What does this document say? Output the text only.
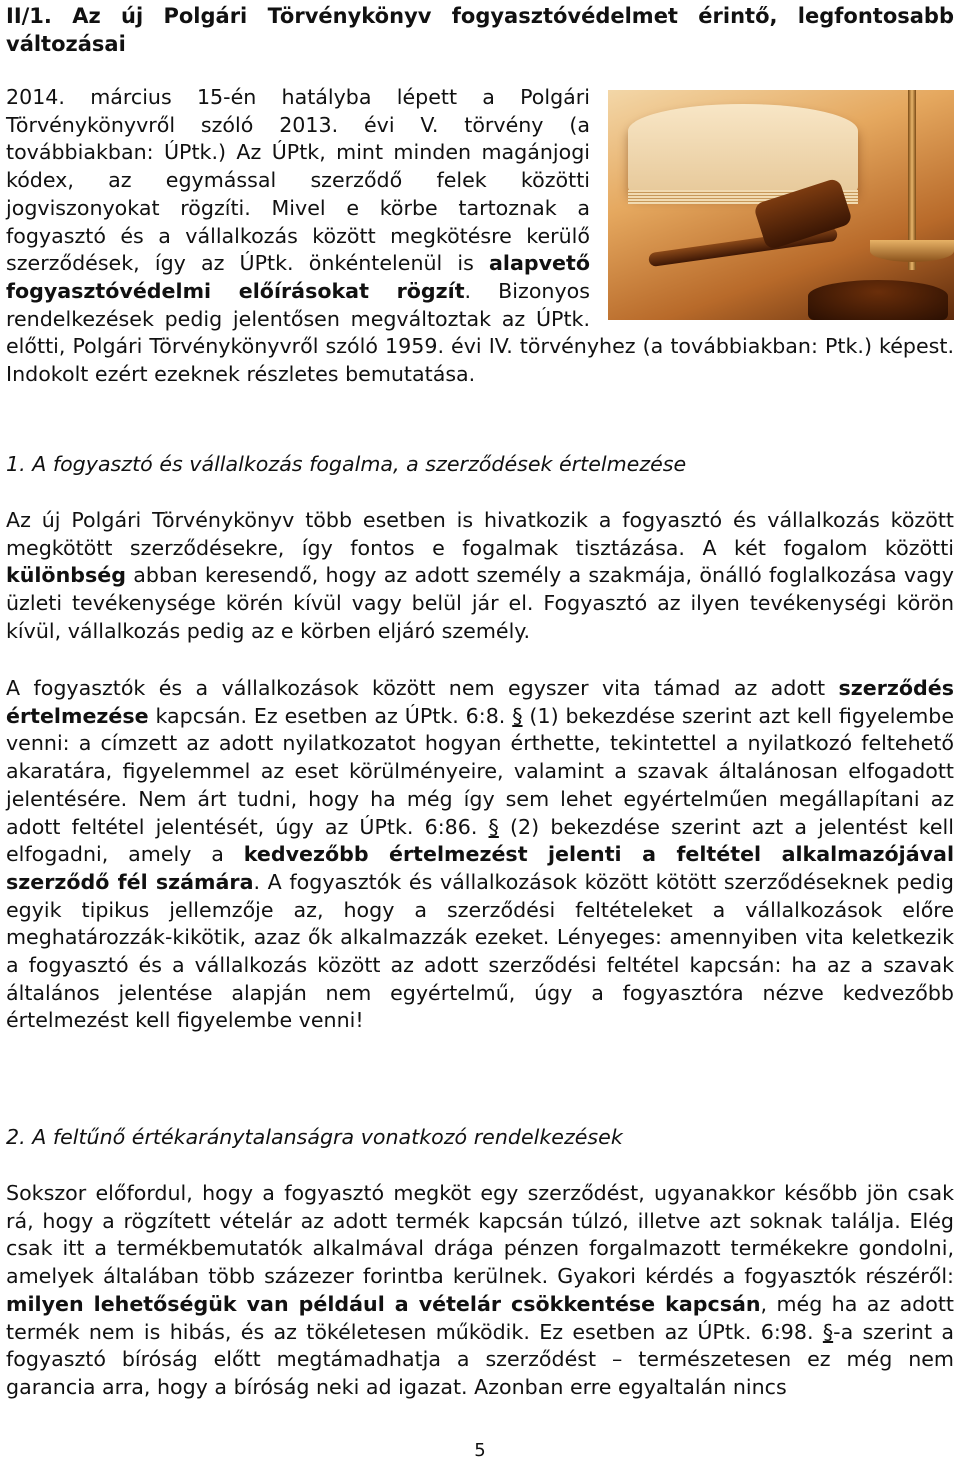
II/1. Az új Polgári Törvénykönyv fogyasztóvédelmet érintő, legfontosabb változásai

2014. március 15-én hatályba lépett a Polgári Törvénykönyvről szóló 2013. évi V. törvény (a továbbiakban: ÚPtk.) Az ÚPtk, mint minden magánjogi kódex, az egymással szerződő felek közötti jogviszonyokat rögzíti. Mivel e körbe tartoznak a fogyasztó és a vállalkozás között megkötésre kerülő szerződések, így az ÚPtk. önkéntelenül is alapvető fogyasztóvédelmi előírásokat rögzít. Bizonyos rendelkezések pedig jelentősen megváltoztak az ÚPtk. előtti, Polgári Törvénykönyvről szóló 1959. évi IV. törvényhez (a továbbiakban: Ptk.) képest. Indokolt ezért ezeknek részletes bemutatása.

1. A fogyasztó és vállalkozás fogalma, a szerződések értelmezése

Az új Polgári Törvénykönyv több esetben is hivatkozik a fogyasztó és vállalkozás között megkötött szerződésekre, így fontos e fogalmak tisztázása. A két fogalom közötti különbség abban keresendő, hogy az adott személy a szakmája, önálló foglalkozása vagy üzleti tevékenysége körén kívül vagy belül jár el. Fogyasztó az ilyen tevékenységi körön kívül, vállalkozás pedig az e körben eljáró személy.

A fogyasztók és a vállalkozások között nem egyszer vita támad az adott szerződés értelmezése kapcsán. Ez esetben az ÚPtk. 6:8. § (1) bekezdése szerint azt kell figyelembe venni: a címzett az adott nyilatkozatot hogyan érthette, tekintettel a nyilatkozó feltehető akaratára, figyelemmel az eset körülményeire, valamint a szavak általánosan elfogadott jelentésére. Nem árt tudni, hogy ha még így sem lehet egyértelműen megállapítani az adott feltétel jelentését, úgy az ÚPtk. 6:86. § (2) bekezdése szerint azt a jelentést kell elfogadni, amely a kedvezőbb értelmezést jelenti a feltétel alkalmazójával szerződő fél számára. A fogyasztók és vállalkozások között kötött szerződéseknek pedig egyik tipikus jellemzője az, hogy a szerződési feltételeket a vállalkozások előre meghatározzák-kikötik, azaz ők alkalmazzák ezeket. Lényeges: amennyiben vita keletkezik a fogyasztó és a vállalkozás között az adott szerződési feltétel kapcsán: ha az a szavak általános jelentése alapján nem egyértelmű, úgy a fogyasztóra nézve kedvezőbb értelmezést kell figyelembe venni!

2. A feltűnő értékaránytalanságra vonatkozó rendelkezések

Sokszor előfordul, hogy a fogyasztó megköt egy szerződést, ugyanakkor később jön csak rá, hogy a rögzített vételár az adott termék kapcsán túlzó, illetve azt soknak találja. Elég csak itt a termékbemutatók alkalmával drága pénzen forgalmazott termékekre gondolni, amelyek általában több százezer forintba kerülnek. Gyakori kérdés a fogyasztók részéről: milyen lehetőségük van például a vételár csökkentése kapcsán, még ha az adott termék nem is hibás, és az tökéletesen működik. Ez esetben az ÚPtk. 6:98. §-a szerint a fogyasztó bíróság előtt megtámadhatja a szerződést – természetesen ez még nem garancia arra, hogy a bíróság neki ad igazat. Azonban erre egyaltalán nincs

5
